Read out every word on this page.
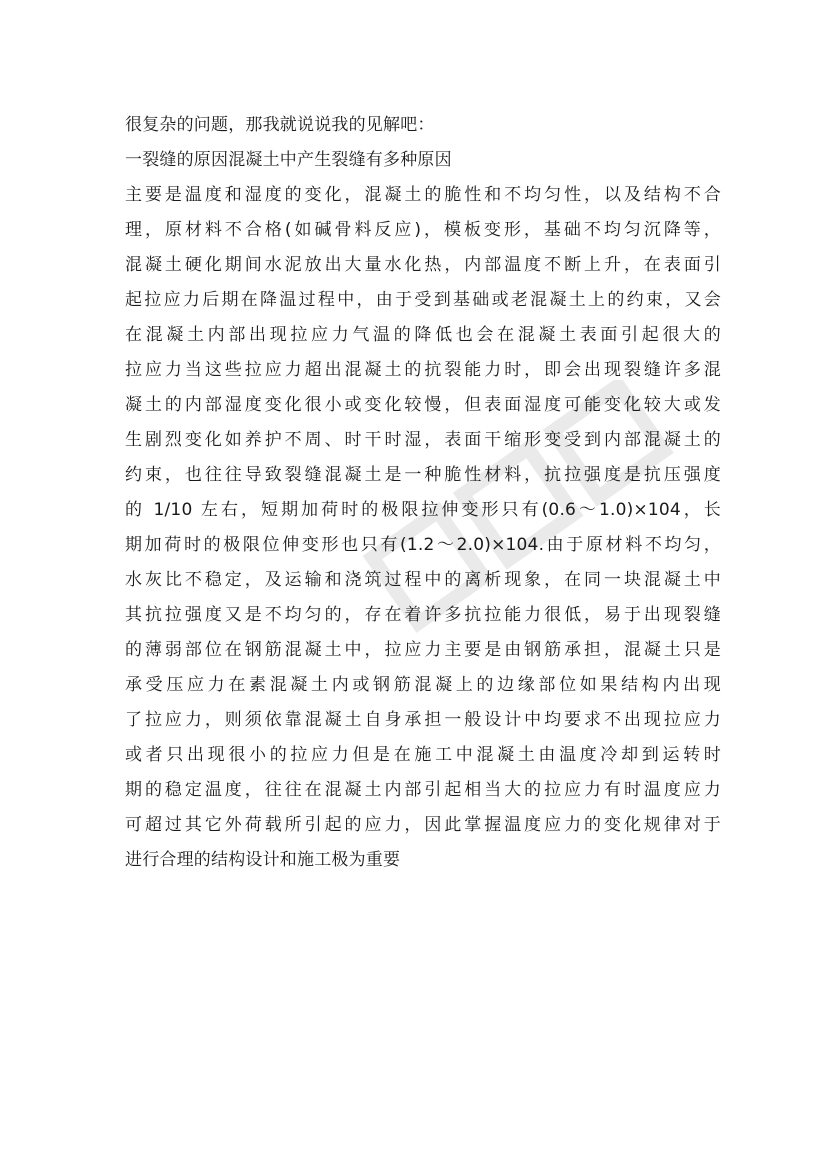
很复杂的问题，那我就说说我的见解吧：

一裂缝的原因混凝土中产生裂缝有多种原因

主要是温度和湿度的变化，混凝土的脆性和不均匀性，以及结构不合

理，原材料不合格(如碱骨料反应)，模板变形，基础不均匀沉降等，

混凝土硬化期间水泥放出大量水化热，内部温度不断上升，在表面引

起拉应力后期在降温过程中，由于受到基础或老混凝土上的约束，又会

在混凝土内部出现拉应力气温的降低也会在混凝土表面引起很大的

拉应力当这些拉应力超出混凝土的抗裂能力时，即会出现裂缝许多混

凝土的内部湿度变化很小或变化较慢，但表面湿度可能变化较大或发

生剧烈变化如养护不周、时干时湿，表面干缩形变受到内部混凝土的

约束，也往往导致裂缝混凝土是一种脆性材料，抗拉强度是抗压强度

的 1/10 左右，短期加荷时的极限拉伸变形只有(0.6～1.0)×104，长

期加荷时的极限位伸变形也只有(1.2～2.0)×104.由于原材料不均匀，

水灰比不稳定，及运输和浇筑过程中的离析现象，在同一块混凝土中

其抗拉强度又是不均匀的，存在着许多抗拉能力很低，易于出现裂缝

的薄弱部位在钢筋混凝土中，拉应力主要是由钢筋承担，混凝土只是

承受压应力在素混凝土内或钢筋混凝上的边缘部位如果结构内出现

了拉应力，则须依靠混凝土自身承担一般设计中均要求不出现拉应力

或者只出现很小的拉应力但是在施工中混凝土由温度冷却到运转时

期的稳定温度，往往在混凝土内部引起相当大的拉应力有时温度应力

可超过其它外荷载所引起的应力，因此掌握温度应力的变化规律对于

进行合理的结构设计和施工极为重要
